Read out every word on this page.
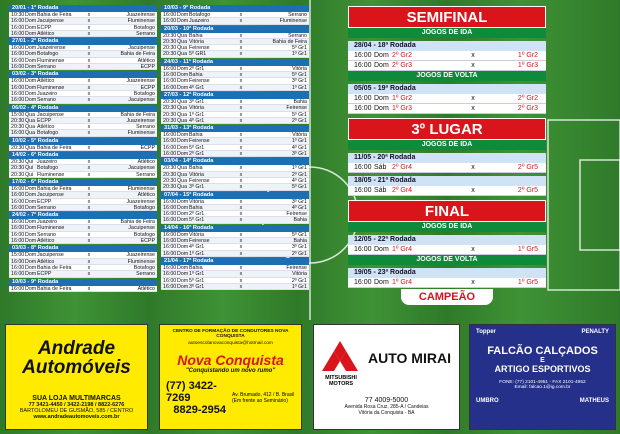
20/01 - 1ª Rodada
10:30 Dom Bahia de Feira	x	Juazeirense
16:00 Dom Jacuipense	x	Fluminense
16:00 Dom ECPP	x	Botafogo
16:00 Dom Atlético	x	Serrano
27/01 - 2ª Rodada
16:00 Dom Juazeirense	x	Jacuipense
16:00 Dom Botafogo	x	Bahia de Feira
16:00 Dom Fluminense	x	Atlético
16:00 Dom Serrano	x	ECPP
03/02 - 3ª Rodada
16:00 Dom Atlético	x	Juazeirense
16:00 Dom Fluminense	x	ECPP
16:00 Dom Juazeiro	x	Botafogo
16:00 Dom Serrano	x	Jacuipense
06/02 - 4ª Rodada
15:00 Qua Jacuipense	x	Bahia de Feira
20:30 Qua ECPP	x	Juazeirense
20:30 Qua Atlético	x	Serrano
16:00 Qua Botafogo	x	Fluminense
10/02 - 5ª Rodada
20:30 Qua Bahia de Feira	x	ECPP
14/02 - 6ª Rodada
20:30 Qui Juazeiro	x	Atlético
20:30 Qui Botafogo	x	Jacuipense
20:30 Qui Fluminense	x	Serrano
17/02 - 6ª Rodada
16:00 Dom Bahia de Feira	x	Fluminense
16:00 Dom Jacuipense	x	Atlético
16:00 Dom ECPP	x	Juazeirense
16:00 Dom Serrano	x	Botafogo
24/02 - 7ª Rodada
16:00 Dom Juazeiro	x	Bahia de Feira
16:00 Dom Fluminense	x	Jacuipense
16:00 Dom Serrano	x	Botafogo
16:00 Dom Atlético	x	ECPP
03/03 - 8ª Rodada
15:00 Dom Jacuipense	x	Juazeirense
16:00 Dom Atlético	x	Fluminense
16:00 Dom Bahia de Feira	x	Botafogo
16:00 Dom ECPP	x	Serrano
10/03 - 9ª Rodada
16:00 Dom Bahia de Feira	x	Atlético
10/03 - 9ª Rodada
16:00 Dom Botafogo	x	Serrano
16:00 Dom Juazeiro	x	Fluminense
20/03 - 10ª Rodada
20:30 Qua Bahia	x	Serrano
20:30 Qua Vitória	x	Bahia de Feira
20:30 Qua Feirense	x	5º Gr1
20:30 Qua 5º GR1	x	1º Gr1
24/03 - 11ª Rodada
16:00 Dom 2º Gr1	x	Vitória
16:00 Dom Bahia	x	5º Gr1
16:00 Dom Feirense	x	3º Gr1
16:00 Dom 4º Gr1	x	1º Gr1
27/03 - 12ª Rodada
20:30 Qua 3º Gr1	x	Bahia
20:30 Qua Vitória	x	Feirense
20:30 Qua 1º Gr1	x	5º Gr1
20:30 Qua 4º Gr1	x	2º Gr1
31/03 - 13ª Rodada
16:00 Dom Bahia	x	Vitória
16:00 Dom Feirense	x	1º Gr1
16:00 Dom 5º Gr1	x	4º Gr1
16:00 Dom 2º Gr1	x	3º Gr1
03/04 - 14ª Rodada
20:30 Qua Bahia	x	1º Gr1
20:30 Qua Vitória	x	2º Gr1
20:30 Qua Feirense	x	4º Gr1
20:30 Qua 3º Gr1	x	5º Gr1
07/04 - 15ª Rodada
16:00 Dom Vitória	x	3º Gr1
16:00 Dom Bahia	x	4º Gr1
16:00 Dom 2º Gr1	x	Feirense
16:00 Dom 5º Gr1	x	Bahia
14/04 - 16ª Rodada
16:00 Dom Vitória	x	5º Gr1
16:00 Dom Feirense	x	Bahia
16:00 Dom 4º Gr1	x	3º Gr1
16:00 Dom 1º Gr1	x	2º Gr1
21/04 - 17ª Rodada
16:00 Dom Bahia	x	Feirense
16:00 Dom 1º Gr1	x	Vitória
16:00 Dom 5º Gr1	x	2º Gr1
16:00 Dom 3º Gr1	x	1º Gr1
SEMIFINAL
JOGOS DE IDA
28/04 - 18ª Rodada
16:00 Dom 2º Gr2	x	1º Gr2
16:00 Dom 2º Gr3	x	1º Gr3
JOGOS DE VOLTA
05/05 - 19ª Rodada
16:00 Dom 1º Gr2	x	2º Gr2
16:00 Dom 1º Gr3	x	2º Gr3
3º LUGAR
JOGOS DE IDA
11/05 - 20ª Rodada
16:00 Sáb 2º Gr4	x	2º Gr5
18/05 - 21ª Rodada
16:00 Sáb 2º Gr4	x	2º Gr5
FINAL
JOGOS DE IDA
12/05 - 22ª Rodada
16:00 Dom 1º Gr4	x	1º Gr5
JOGOS DE VOLTA
19/05 - 23ª Rodada
16:00 Dom 1º Gr4	x	1º Gr5
CAMPEÃO
Andrade
Automóveis
SUA LOJA MULTIMARCAS
77 3421-4450 / 3422-2198 / 8822-6276
BARTOLOMEU DE GUSMÃO, 585 / CENTRO
www.andradeautomoveis.com.br
CENTRO DE FORMAÇÃO DE CONDUTORES NOVA CONQUISTA
autoescolanovaconquista@hotmail.com
Nova Conquista
"Conquistando um novo rumo"
(77) 3422-7269
8829-2954
Av. Brumado, 412 / B. Brasil (Em frente ao Seminário)
AUTO MIRAI
MITSUBISHI MOTORS
77 4009-5000
Avenida Rosa Cruz, 285-A / Candeias
Vitória da Conquista - BA
Topper	PENALTY
FALCÃO CALÇADOS
E
ARTIGO ESPORTIVOS
FONE: (77) 2101-4951 - FAX 2101-4952
Email: falcao.1@ig.com.br
UMBRO	MATHEUS
